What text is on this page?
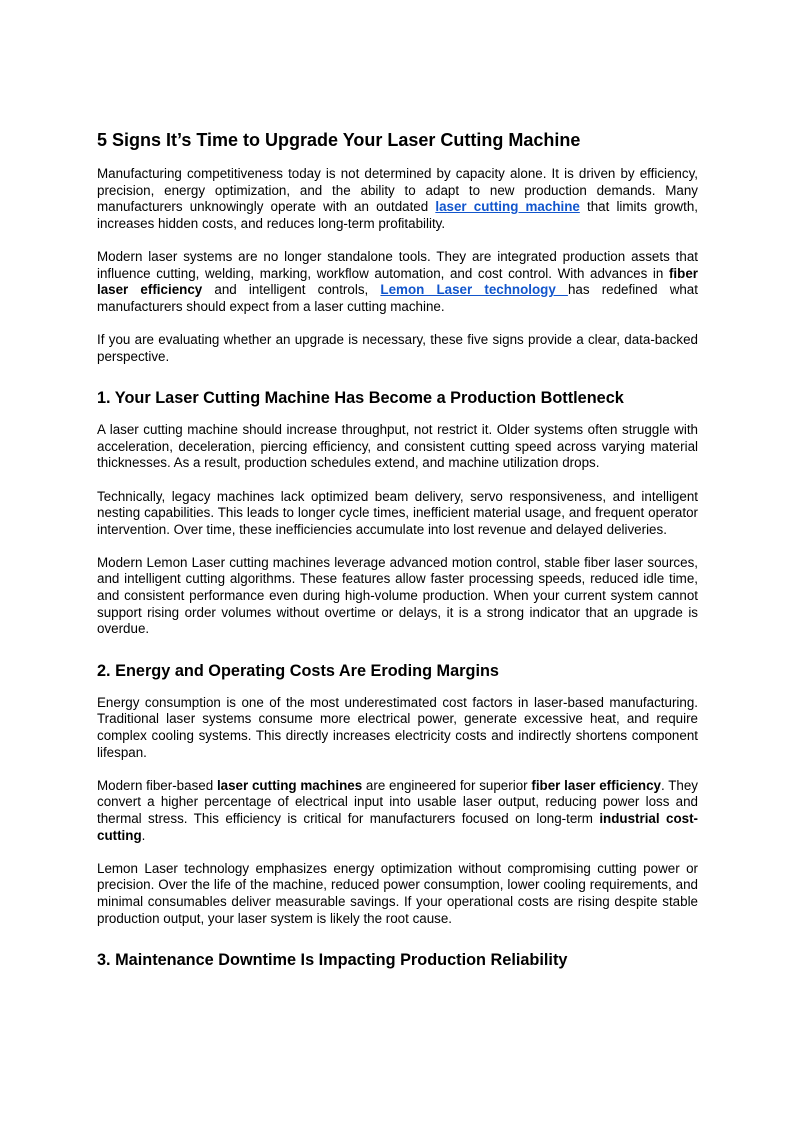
5 Signs It’s Time to Upgrade Your Laser Cutting Machine

Manufacturing competitiveness today is not determined by capacity alone. It is driven by efficiency, precision, energy optimization, and the ability to adapt to new production demands. Many manufacturers unknowingly operate with an outdated laser cutting machine that limits growth, increases hidden costs, and reduces long-term profitability.

Modern laser systems are no longer standalone tools. They are integrated production assets that influence cutting, welding, marking, workflow automation, and cost control. With advances in fiber laser efficiency and intelligent controls, Lemon Laser technology has redefined what manufacturers should expect from a laser cutting machine.

If you are evaluating whether an upgrade is necessary, these five signs provide a clear, data-backed perspective.

1. Your Laser Cutting Machine Has Become a Production Bottleneck

A laser cutting machine should increase throughput, not restrict it. Older systems often struggle with acceleration, deceleration, piercing efficiency, and consistent cutting speed across varying material thicknesses. As a result, production schedules extend, and machine utilization drops.

Technically, legacy machines lack optimized beam delivery, servo responsiveness, and intelligent nesting capabilities. This leads to longer cycle times, inefficient material usage, and frequent operator intervention. Over time, these inefficiencies accumulate into lost revenue and delayed deliveries.

Modern Lemon Laser cutting machines leverage advanced motion control, stable fiber laser sources, and intelligent cutting algorithms. These features allow faster processing speeds, reduced idle time, and consistent performance even during high-volume production. When your current system cannot support rising order volumes without overtime or delays, it is a strong indicator that an upgrade is overdue.

2. Energy and Operating Costs Are Eroding Margins

Energy consumption is one of the most underestimated cost factors in laser-based manufacturing. Traditional laser systems consume more electrical power, generate excessive heat, and require complex cooling systems. This directly increases electricity costs and indirectly shortens component lifespan.

Modern fiber-based laser cutting machines are engineered for superior fiber laser efficiency. They convert a higher percentage of electrical input into usable laser output, reducing power loss and thermal stress. This efficiency is critical for manufacturers focused on long-term industrial cost-cutting.

Lemon Laser technology emphasizes energy optimization without compromising cutting power or precision. Over the life of the machine, reduced power consumption, lower cooling requirements, and minimal consumables deliver measurable savings. If your operational costs are rising despite stable production output, your laser system is likely the root cause.

3. Maintenance Downtime Is Impacting Production Reliability
